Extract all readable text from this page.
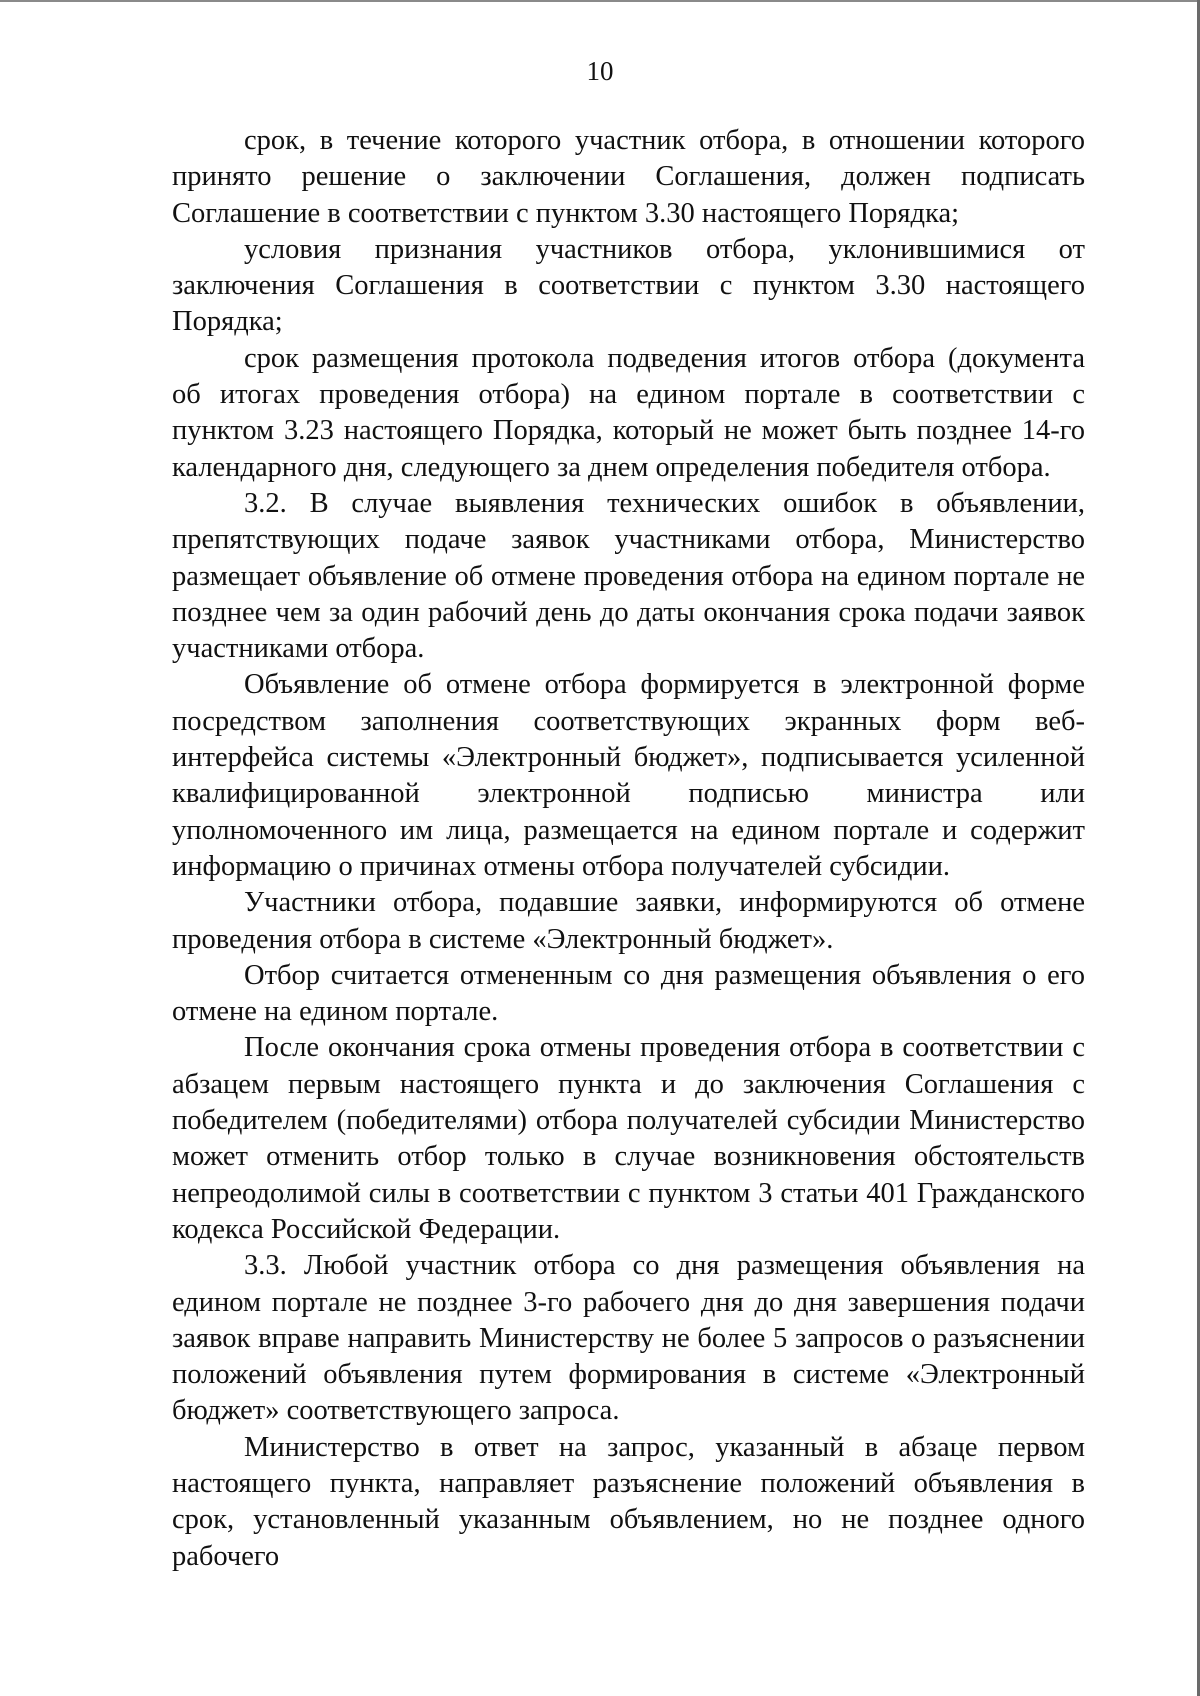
10

срок, в течение которого участник отбора, в отношении которого принято решение о заключении Соглашения, должен подписать Соглашение в соответствии с пунктом 3.30 настоящего Порядка;

условия признания участников отбора, уклонившимися от заключения Соглашения в соответствии с пунктом 3.30 настоящего Порядка;

срок размещения протокола подведения итогов отбора (документа об итогах проведения отбора) на едином портале в соответствии с пунктом 3.23 настоящего Порядка, который не может быть позднее 14-го календарного дня, следующего за днем определения победителя отбора.

3.2. В случае выявления технических ошибок в объявлении, препятствующих подаче заявок участниками отбора, Министерство размещает объявление об отмене проведения отбора на едином портале не позднее чем за один рабочий день до даты окончания срока подачи заявок участниками отбора.

Объявление об отмене отбора формируется в электронной форме посредством заполнения соответствующих экранных форм веб-интерфейса системы «Электронный бюджет», подписывается усиленной квалифицированной электронной подписью министра или уполномоченного им лица, размещается на едином портале и содержит информацию о причинах отмены отбора получателей субсидии.

Участники отбора, подавшие заявки, информируются об отмене проведения отбора в системе «Электронный бюджет».

Отбор считается отмененным со дня размещения объявления о его отмене на едином портале.

После окончания срока отмены проведения отбора в соответствии с абзацем первым настоящего пункта и до заключения Соглашения с победителем (победителями) отбора получателей субсидии Министерство может отменить отбор только в случае возникновения обстоятельств непреодолимой силы в соответствии с пунктом 3 статьи 401 Гражданского кодекса Российской Федерации.

3.3. Любой участник отбора со дня размещения объявления на едином портале не позднее 3-го рабочего дня до дня завершения подачи заявок вправе направить Министерству не более 5 запросов о разъяснении положений объявления путем формирования в системе «Электронный бюджет» соответствующего запроса.

Министерство в ответ на запрос, указанный в абзаце первом настоящего пункта, направляет разъяснение положений объявления в срок, установленный указанным объявлением, но не позднее одного рабочего
